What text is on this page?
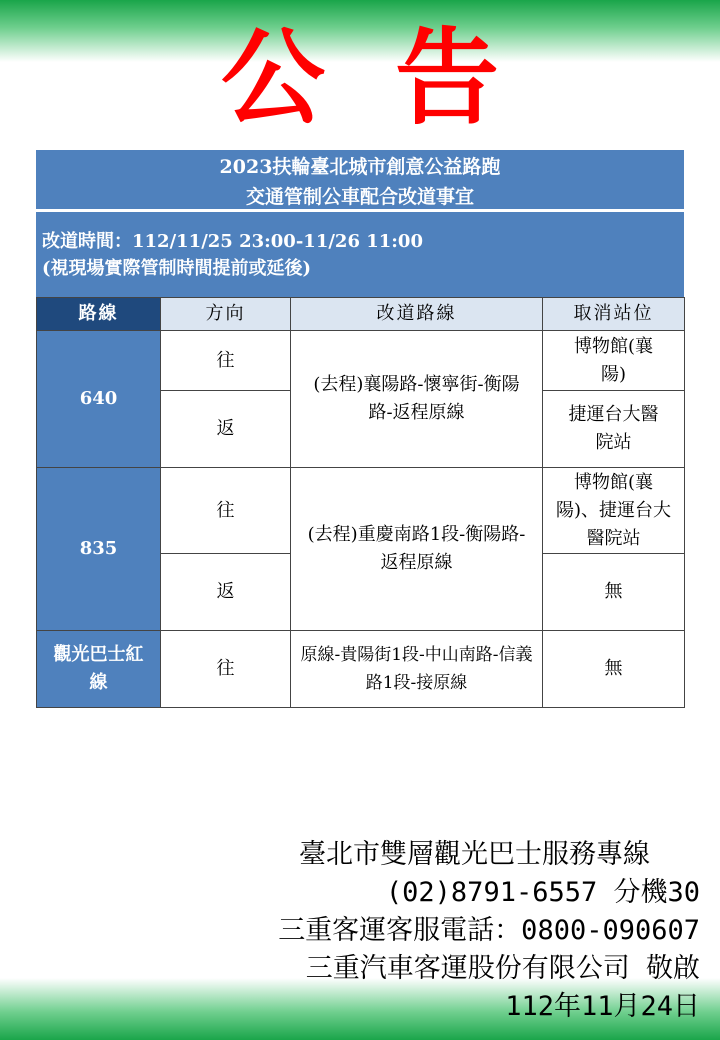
公告
2023扶輪臺北城市創意公益路跑
交通管制公車配合改道事宜
改道時間：112/11/25 23:00-11/26 11:00
(視現場實際管制時間提前或延後)
路線	方向	改道路線	取消站位
640	往	(去程)襄陽路-懷寧街-衡陽路-返程原線	博物館(襄陽)
	返		捷運台大醫院站
835	往	(去程)重慶南路1段-衡陽路-返程原線	博物館(襄陽)、捷運台大醫院站
	返		無
觀光巴士紅線	往	原線-貴陽街1段-中山南路-信義路1段-接原線	無
臺北市雙層觀光巴士服務專線
(02)8791-6557 分機30
三重客運客服電話：0800-090607
三重汽車客運股份有限公司 敬啟
112年11月24日
